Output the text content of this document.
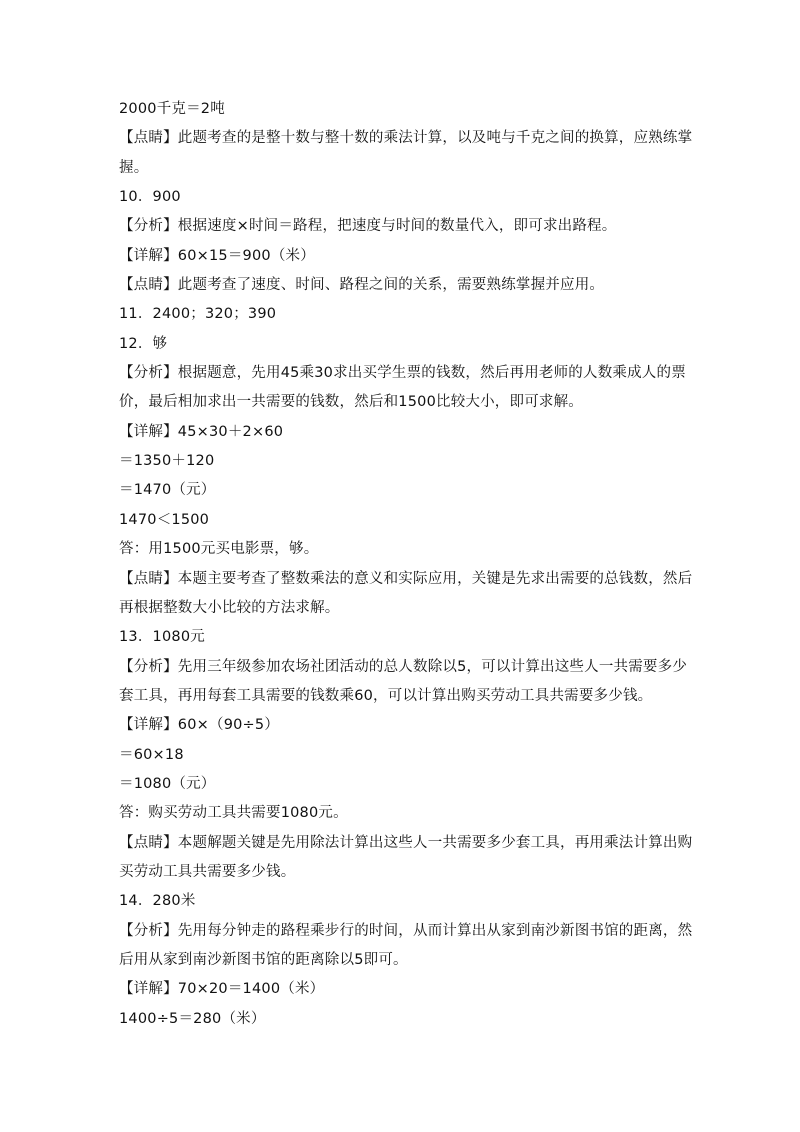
2000千克＝2吨
【点睛】此题考查的是整十数与整十数的乘法计算，以及吨与千克之间的换算，应熟练掌
握。
10．900
【分析】根据速度×时间＝路程，把速度与时间的数量代入，即可求出路程。
【详解】60×15＝900（米）
【点睛】此题考查了速度、时间、路程之间的关系，需要熟练掌握并应用。
11．2400；320；390
12．够
【分析】根据题意，先用45乘30求出买学生票的钱数，然后再用老师的人数乘成人的票
价，最后相加求出一共需要的钱数，然后和1500比较大小，即可求解。
【详解】45×30＋2×60
＝1350＋120
＝1470（元）
1470＜1500
答：用1500元买电影票，够。
【点睛】本题主要考查了整数乘法的意义和实际应用，关键是先求出需要的总钱数，然后
再根据整数大小比较的方法求解。
13．1080元
【分析】先用三年级参加农场社团活动的总人数除以5，可以计算出这些人一共需要多少
套工具，再用每套工具需要的钱数乘60，可以计算出购买劳动工具共需要多少钱。
【详解】60×（90÷5）
＝60×18
＝1080（元）
答：购买劳动工具共需要1080元。
【点睛】本题解题关键是先用除法计算出这些人一共需要多少套工具，再用乘法计算出购
买劳动工具共需要多少钱。
14．280米
【分析】先用每分钟走的路程乘步行的时间，从而计算出从家到南沙新图书馆的距离，然
后用从家到南沙新图书馆的距离除以5即可。
【详解】70×20＝1400（米）
1400÷5＝280（米）
